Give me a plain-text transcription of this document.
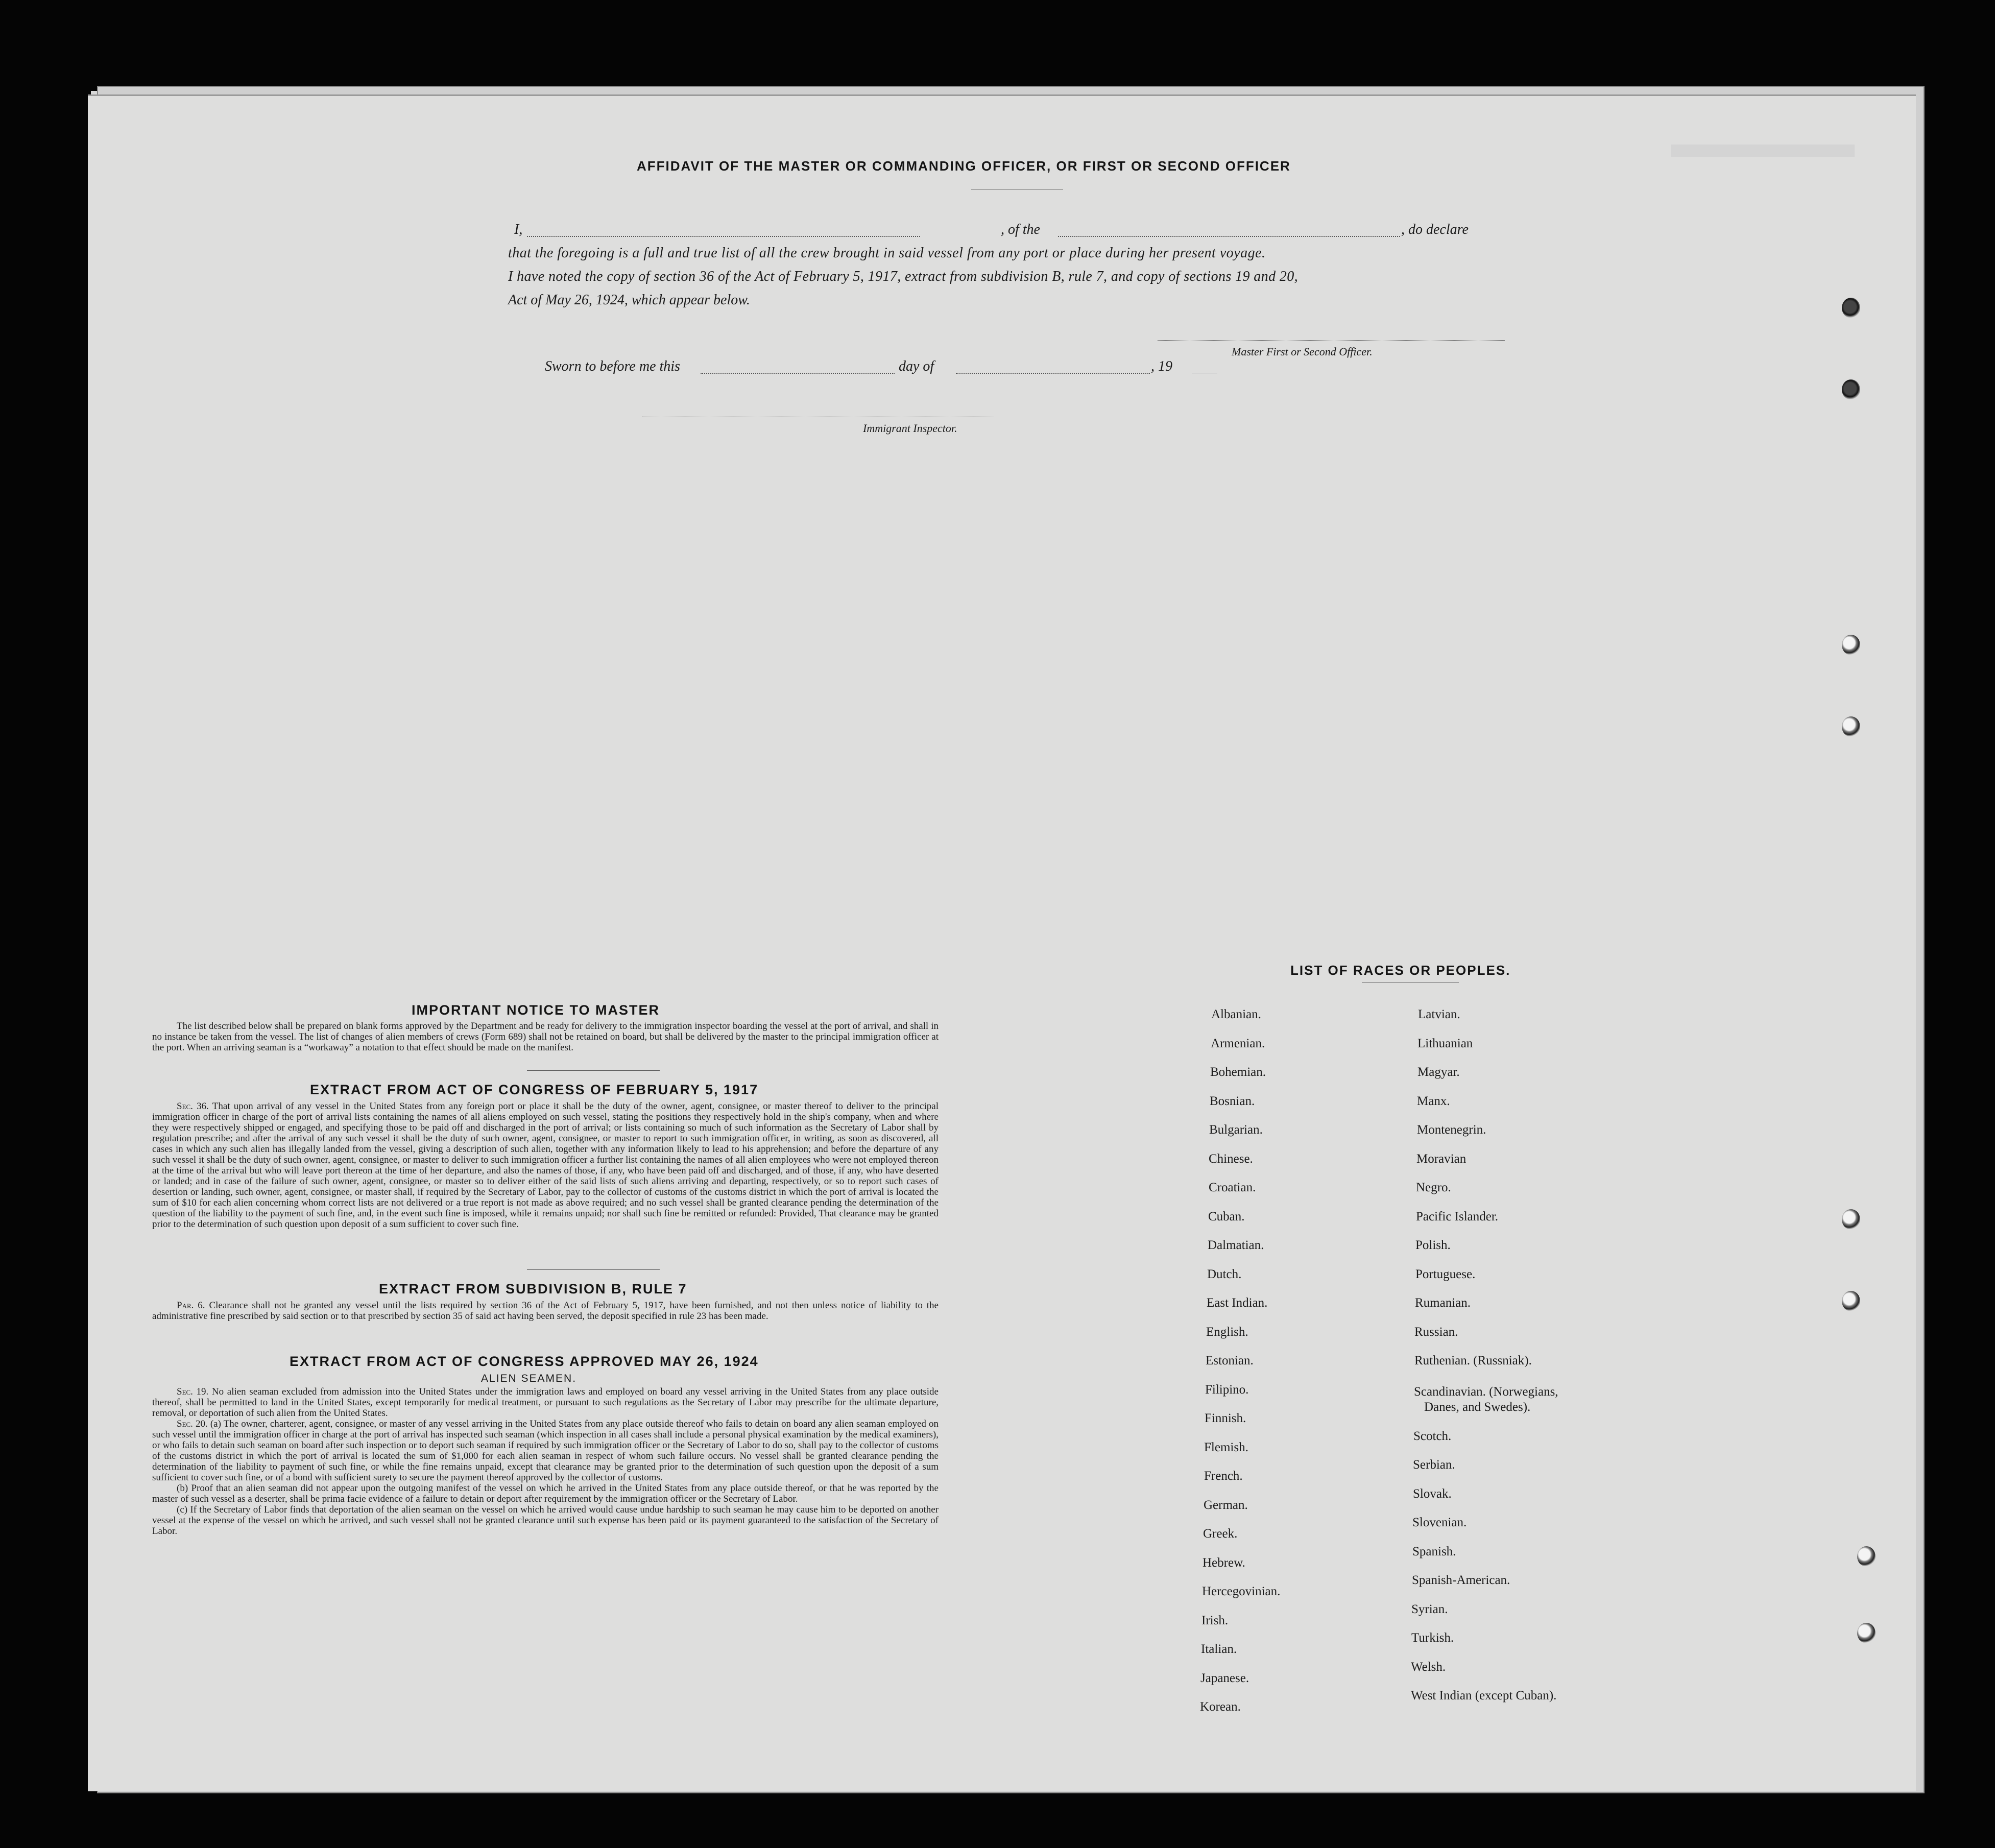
AFFIDAVIT OF THE MASTER OR COMMANDING OFFICER, OR FIRST OR SECOND OFFICER
I,	, of the	, do declare
that the foregoing is a full and true list of all the crew brought in said vessel from any port or place during her present voyage.
I have noted the copy of section 36 of the Act of February 5, 1917, extract from subdivision B, rule 7, and copy of sections 19 and 20,
Act of May 26, 1924, which appear below.
Master First or Second Officer.
Sworn to before me this	day of	, 19
Immigrant Inspector.
IMPORTANT NOTICE TO MASTER

The list described below shall be prepared on blank forms approved by the Department and be ready for delivery to the immigration inspector boarding the vessel at the port of arrival, and shall in no instance be taken from the vessel. The list of changes of alien members of crews (Form 689) shall not be retained on board, but shall be delivered by the master to the principal immigration officer at the port. When an arriving seaman is a “workaway” a notation to that effect should be made on the manifest.

EXTRACT FROM ACT OF CONGRESS OF FEBRUARY 5, 1917

Sec. 36. That upon arrival of any vessel in the United States from any foreign port or place it shall be the duty of the owner, agent, consignee, or master thereof to deliver to the principal immigration officer in charge of the port of arrival lists containing the names of all aliens employed on such vessel, stating the positions they respectively hold in the ship's company, when and where they were respectively shipped or engaged, and specifying those to be paid off and discharged in the port of arrival; or lists containing so much of such information as the Secretary of Labor shall by regulation prescribe; and after the arrival of any such vessel it shall be the duty of such owner, agent, consignee, or master to report to such immigration officer, in writing, as soon as discovered, all cases in which any such alien has illegally landed from the vessel, giving a description of such alien, together with any information likely to lead to his apprehension; and before the departure of any such vessel it shall be the duty of such owner, agent, consignee, or master to deliver to such immigration officer a further list containing the names of all alien employees who were not employed thereon at the time of the arrival but who will leave port thereon at the time of her departure, and also the names of those, if any, who have been paid off and discharged, and of those, if any, who have deserted or landed; and in case of the failure of such owner, agent, consignee, or master so to deliver either of the said lists of such aliens arriving and departing, respectively, or so to report such cases of desertion or landing, such owner, agent, consignee, or master shall, if required by the Secretary of Labor, pay to the collector of customs of the customs district in which the port of arrival is located the sum of $10 for each alien concerning whom correct lists are not delivered or a true report is not made as above required; and no such vessel shall be granted clearance pending the determination of the question of the liability to the payment of such fine, and, in the event such fine is imposed, while it remains unpaid; nor shall such fine be remitted or refunded: Provided, That clearance may be granted prior to the determination of such question upon deposit of a sum sufficient to cover such fine.

EXTRACT FROM SUBDIVISION B, RULE 7

Par. 6. Clearance shall not be granted any vessel until the lists required by section 36 of the Act of February 5, 1917, have been furnished, and not then unless notice of liability to the administrative fine prescribed by said section or to that prescribed by section 35 of said act having been served, the deposit specified in rule 23 has been made.

EXTRACT FROM ACT OF CONGRESS APPROVED MAY 26, 1924
ALIEN SEAMEN.

Sec. 19. No alien seaman excluded from admission into the United States under the immigration laws and employed on board any vessel arriving in the United States from any place outside thereof, shall be permitted to land in the United States, except temporarily for medical treatment, or pursuant to such regulations as the Secretary of Labor may prescribe for the ultimate departure, removal, or deportation of such alien from the United States.

Sec. 20. (a) The owner, charterer, agent, consignee, or master of any vessel arriving in the United States from any place outside thereof who fails to detain on board any alien seaman employed on such vessel until the immigration officer in charge at the port of arrival has inspected such seaman (which inspection in all cases shall include a personal physical examination by the medical examiners), or who fails to detain such seaman on board after such inspection or to deport such seaman if required by such immigration officer or the Secretary of Labor to do so, shall pay to the collector of customs of the customs district in which the port of arrival is located the sum of $1,000 for each alien seaman in respect of whom such failure occurs. No vessel shall be granted clearance pending the determination of the liability to payment of such fine, or while the fine remains unpaid, except that clearance may be granted prior to the determination of such question upon the deposit of a sum sufficient to cover such fine, or of a bond with sufficient surety to secure the payment thereof approved by the collector of customs.

(b) Proof that an alien seaman did not appear upon the outgoing manifest of the vessel on which he arrived in the United States from any place outside thereof, or that he was reported by the master of such vessel as a deserter, shall be prima facie evidence of a failure to detain or deport after requirement by the immigration officer or the Secretary of Labor.

(c) If the Secretary of Labor finds that deportation of the alien seaman on the vessel on which he arrived would cause undue hardship to such seaman he may cause him to be deported on another vessel at the expense of the vessel on which he arrived, and such vessel shall not be granted clearance until such expense has been paid or its payment guaranteed to the satisfaction of the Secretary of Labor.

LIST OF RACES OR PEOPLES.
Albanian.
Armenian.
Bohemian.
Bosnian.
Bulgarian.
Chinese.
Croatian.
Cuban.
Dalmatian.
Dutch.
East Indian.
English.
Estonian.
Filipino.
Finnish.
Flemish.
French.
German.
Greek.
Hebrew.
Hercegovinian.
Irish.
Italian.
Japanese.
Korean.
Latvian.
Lithuanian
Magyar.
Manx.
Montenegrin.
Moravian
Negro.
Pacific Islander.
Polish.
Portuguese.
Rumanian.
Russian.
Ruthenian. (Russniak).
Scandinavian. (Norwegians,
Danes, and Swedes).
Scotch.
Serbian.
Slovak.
Slovenian.
Spanish.
Spanish-American.
Syrian.
Turkish.
Welsh.
West Indian (except Cuban).
